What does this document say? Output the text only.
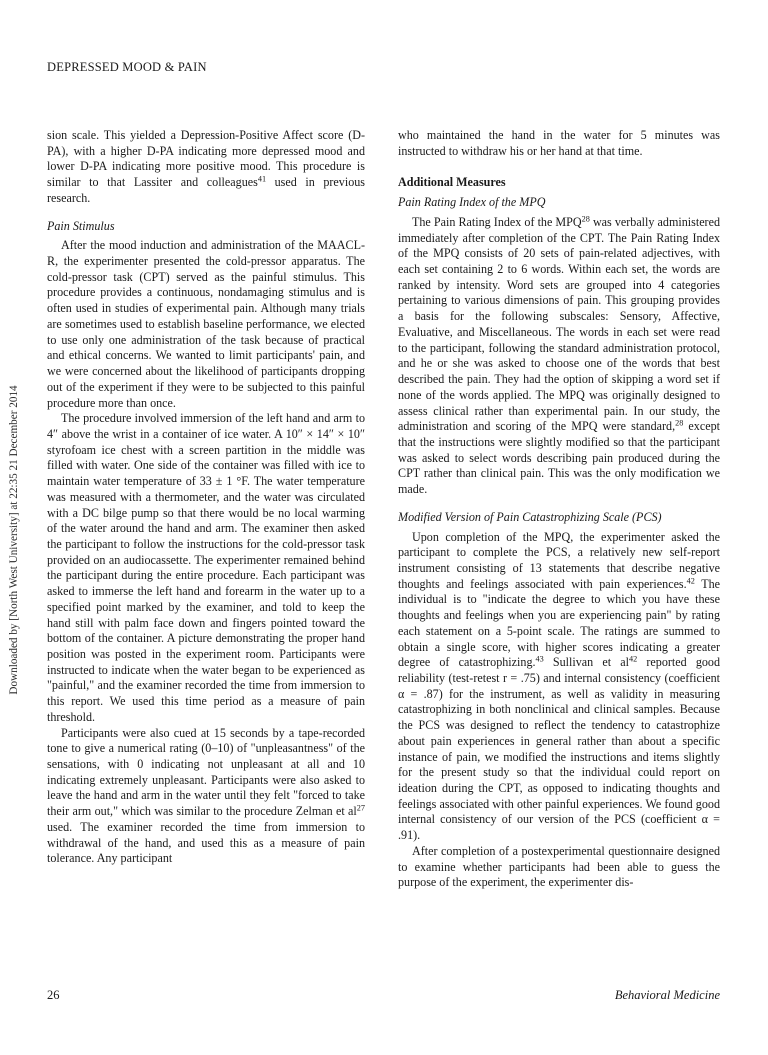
DEPRESSED MOOD & PAIN
Downloaded by [North West University] at 22:35 21 December 2014

sion scale. This yielded a Depression-Positive Affect score (D-PA), with a higher D-PA indicating more depressed mood and lower D-PA indicating more positive mood. This procedure is similar to that Lassiter and colleagues$^{41}$ used in previous research.

Pain Stimulus

After the mood induction and administration of the MAACL-R, the experimenter presented the cold-pressor apparatus. The cold-pressor task (CPT) served as the painful stimulus. This procedure provides a continuous, nondamaging stimulus and is often used in studies of experimental pain. Although many trials are sometimes used to establish baseline performance, we elected to use only one administration of the task because of practical and ethical concerns. We wanted to limit participants' pain, and we were concerned about the likelihood of participants dropping out of the experiment if they were to be subjected to this painful procedure more than once.

The procedure involved immersion of the left hand and arm to 4″ above the wrist in a container of ice water. A 10″ × 14″ × 10″ styrofoam ice chest with a screen partition in the middle was filled with water. One side of the container was filled with ice to maintain water temperature of 33 ± 1 °F. The water temperature was measured with a thermometer, and the water was circulated with a DC bilge pump so that there would be no local warming of the water around the hand and arm. The examiner then asked the participant to follow the instructions for the cold-pressor task provided on an audiocassette. The experimenter remained behind the participant during the entire procedure. Each participant was asked to immerse the left hand and forearm in the water up to a specified point marked by the examiner, and told to keep the hand still with palm face down and fingers pointed toward the bottom of the container. A picture demonstrating the proper hand position was posted in the experiment room. Participants were instructed to indicate when the water began to be experienced as "painful," and the examiner recorded the time from immersion to this report. We used this time period as a measure of pain threshold.

Participants were also cued at 15 seconds by a tape-recorded tone to give a numerical rating (0–10) of "unpleasantness" of the sensations, with 0 indicating not unpleasant at all and 10 indicating extremely unpleasant. Participants were also asked to leave the hand and arm in the water until they felt "forced to take their arm out," which was similar to the procedure Zelman et $al^{27}$ used. The examiner recorded the time from immersion to withdrawal of the hand, and used this as a measure of pain tolerance. Any participant

who maintained the hand in the water for 5 minutes was instructed to withdraw his or her hand at that time.

Additional Measures
Pain Rating Index of the MPQ

The Pain Rating Index of the MPQ$^{28}$ was verbally administered immediately after completion of the CPT. The Pain Rating Index of the MPQ consists of 20 sets of pain-related adjectives, with each set containing 2 to 6 words. Within each set, the words are ranked by intensity. Word sets are grouped into 4 categories pertaining to various dimensions of pain. This grouping provides a basis for the following subscales: Sensory, Affective, Evaluative, and Miscellaneous. The words in each set were read to the participant, following the standard administration protocol, and he or she was asked to choose one of the words that best described the pain. They had the option of skipping a word set if none of the words applied. The MPQ was originally designed to assess clinical rather than experimental pain. In our study, the administration and scoring of the MPQ were standard,$^{28}$ except that the instructions were slightly modified so that the participant was asked to select words describing pain produced during the CPT rather than clinical pain. This was the only modification we made.

Modified Version of Pain Catastrophizing Scale (PCS)

Upon completion of the MPQ, the experimenter asked the participant to complete the PCS, a relatively new self-report instrument consisting of 13 statements that describe negative thoughts and feelings associated with pain experiences.$^{42}$ The individual is to "indicate the degree to which you have these thoughts and feelings when you are experiencing pain" by rating each statement on a 5-point scale. The ratings are summed to obtain a single score, with higher scores indicating a greater degree of catastrophizing.$^{43}$ Sullivan et $al^{42}$ reported good reliability (test-retest r = .75) and internal consistency (coefficient α = .87) for the instrument, as well as validity in measuring catastrophizing in both nonclinical and clinical samples. Because the PCS was designed to reflect the tendency to catastrophize about pain experiences in general rather than about a specific instance of pain, we modified the instructions and items slightly for the present study so that the individual could report on ideation during the CPT, as opposed to indicating thoughts and feelings associated with other painful experiences. We found good internal consistency of our version of the PCS (coefficient α = .91).

After completion of a postexperimental questionnaire designed to examine whether participants had been able to guess the purpose of the experiment, the experimenter dis-

26	Behavioral Medicine
